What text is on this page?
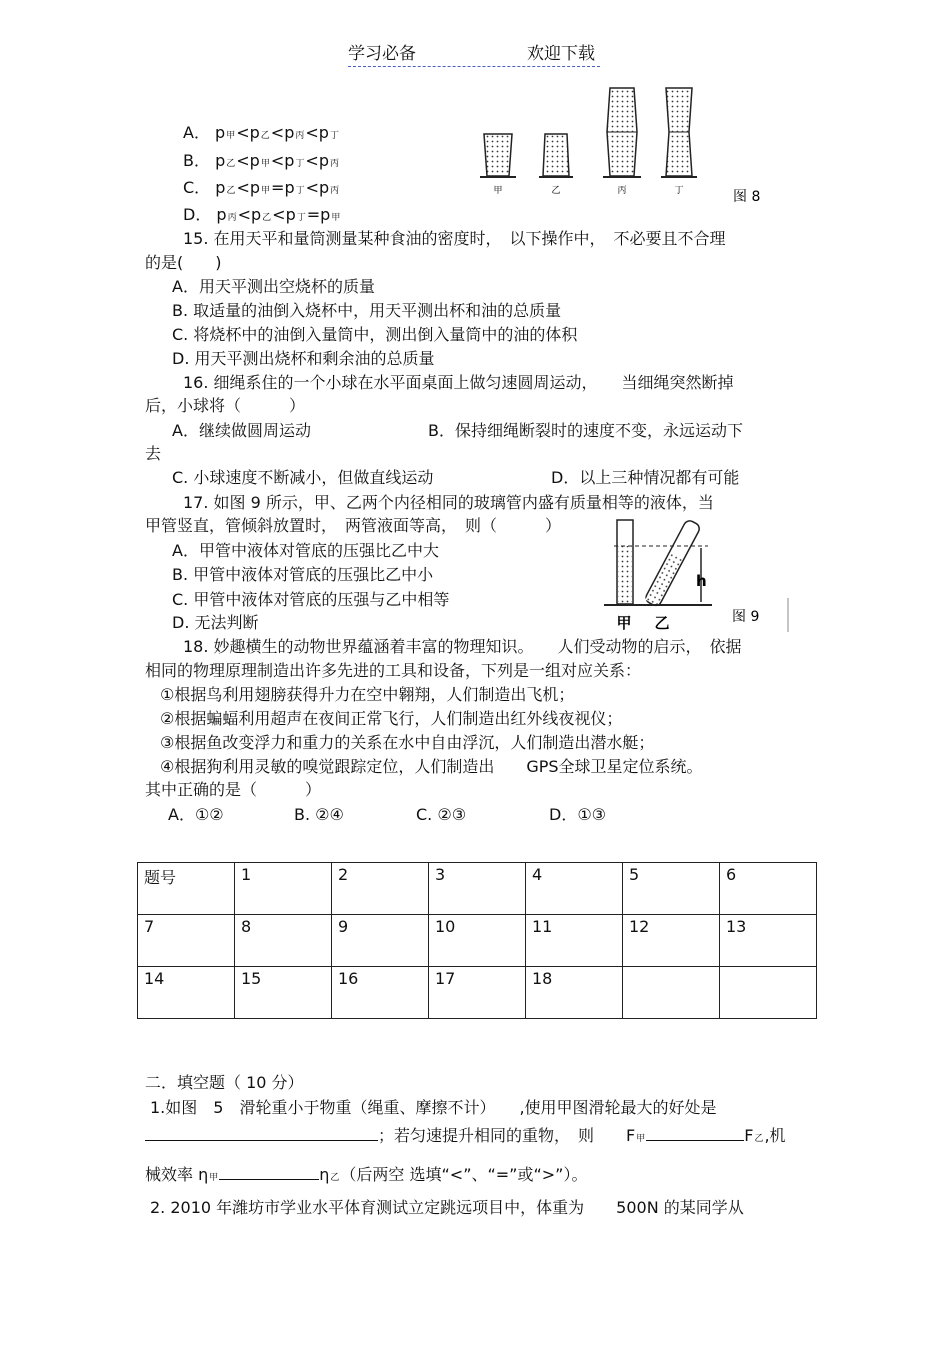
学习必备	欢迎下载
A． p甲<p乙<p丙<p丁
B． p乙<p甲<p丁<p丙
C． p乙<p甲=p丁<p丙
D． p丙<p乙<p丁=p甲
甲	乙	丙	丁	图 8
15. 在用天平和量筒测量某种食油的密度时，　以下操作中，　不必要且不合理
的是(　　)
A．用天平测出空烧杯的质量
B. 取适量的油倒入烧杯中，用天平测出杯和油的总质量
C. 将烧杯中的油倒入量筒中，测出倒入量筒中的油的体积
D. 用天平测出烧杯和剩余油的总质量
16. 细绳系住的一个小球在水平面桌面上做匀速圆周运动，　　当细绳突然断掉
后，小球将（　　　）
A．继续做圆周运动	B．保持细绳断裂时的速度不变，永远运动下
去
C. 小球速度不断减小，但做直线运动	D．以上三种情况都有可能
17. 如图 9 所示，甲、乙两个内径相同的玻璃管内盛有质量相等的液体，当
甲管竖直，管倾斜放置时，　两管液面等高，　则（　　　）
A．甲管中液体对管底的压强比乙中大
B. 甲管中液体对管底的压强比乙中小
C. 甲管中液体对管底的压强与乙中相等
D. 无法判断
h
甲 乙	图 9
18. 妙趣横生的动物世界蕴涵着丰富的物理知识。　　人们受动物的启示，　依据
相同的物理原理制造出许多先进的工具和设备，下列是一组对应关系：
①根据鸟利用翅膀获得升力在空中翱翔，人们制造出飞机；
②根据蝙蝠利用超声在夜间正常飞行，人们制造出红外线夜视仪；
③根据鱼改变浮力和重力的关系在水中自由浮沉，人们制造出潜水艇；
④根据狗利用灵敏的嗅觉跟踪定位，人们制造出　　GPS全球卫星定位系统。
其中正确的是（　　　）
A．①②	B. ②④	C. ②③	D．①③
题号	1	2	3	4	5	6
7	8	9	10	11	12	13
14	15	16	17	18		
二．填空题（ 10 分）
1.如图　5　滑轮重小于物重（绳重、摩擦不计）　　,使用甲图滑轮最大的好处是
；若匀速提升相同的重物，　则　　F甲	F乙,机
械效率 η甲	η乙（后两空 选填“<”、“=”或“>”）。
2. 2010 年潍坊市学业水平体育测试立定跳远项目中，体重为　　500N 的某同学从
